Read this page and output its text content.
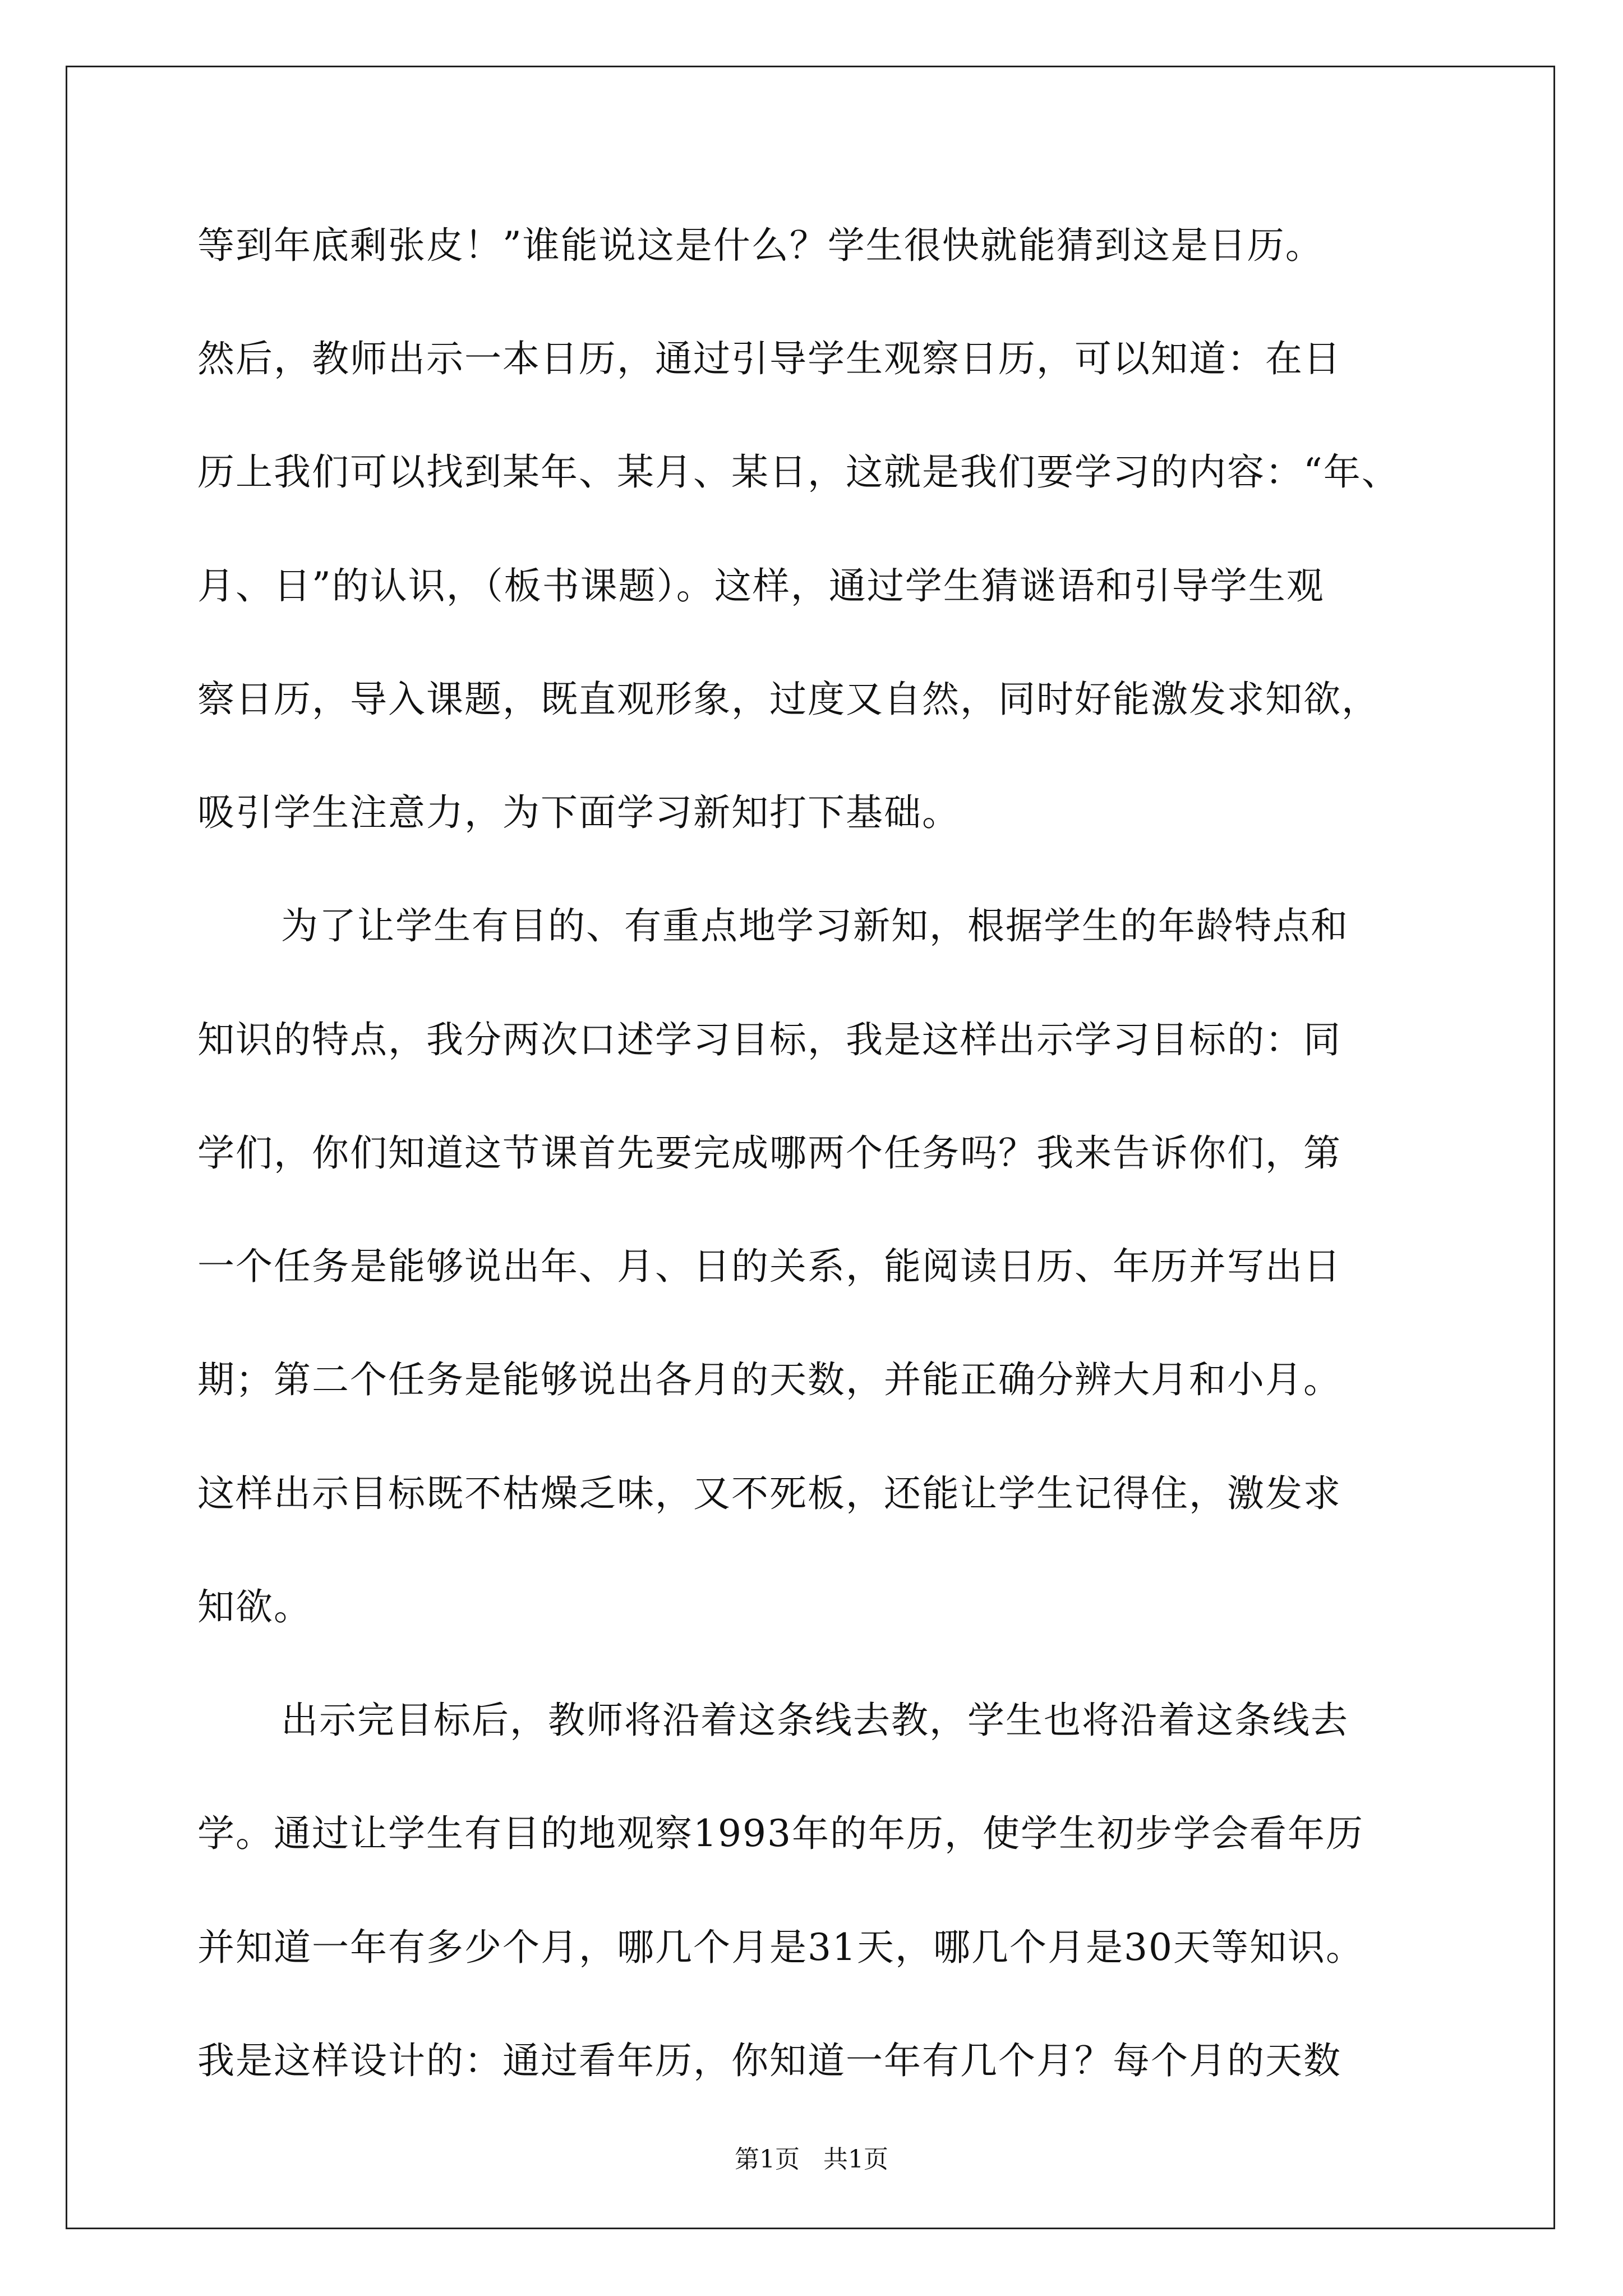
等到年底剩张皮！”谁能说这是什么？学生很快就能猜到这是日历。
然后，教师出示一本日历，通过引导学生观察日历，可以知道：在日
历上我们可以找到某年、某月、某日，这就是我们要学习的内容：“年、
月、日”的认识，（板书课题）。这样，通过学生猜谜语和引导学生观
察日历，导入课题，既直观形象，过度又自然，同时好能激发求知欲，
吸引学生注意力，为下面学习新知打下基础。
为了让学生有目的、有重点地学习新知，根据学生的年龄特点和
知识的特点，我分两次口述学习目标，我是这样出示学习目标的：同
学们，你们知道这节课首先要完成哪两个任务吗？我来告诉你们，第
一个任务是能够说出年、月、日的关系，能阅读日历、年历并写出日
期；第二个任务是能够说出各月的天数，并能正确分辨大月和小月。
这样出示目标既不枯燥乏味，又不死板，还能让学生记得住，激发求
知欲。
出示完目标后，教师将沿着这条线去教，学生也将沿着这条线去
学。通过让学生有目的地观察1993年的年历，使学生初步学会看年历
并知道一年有多少个月，哪几个月是31天，哪几个月是30天等知识。
第1页   共1页
我是这样设计的：通过看年历，你知道一年有几个月？每个月的天数
